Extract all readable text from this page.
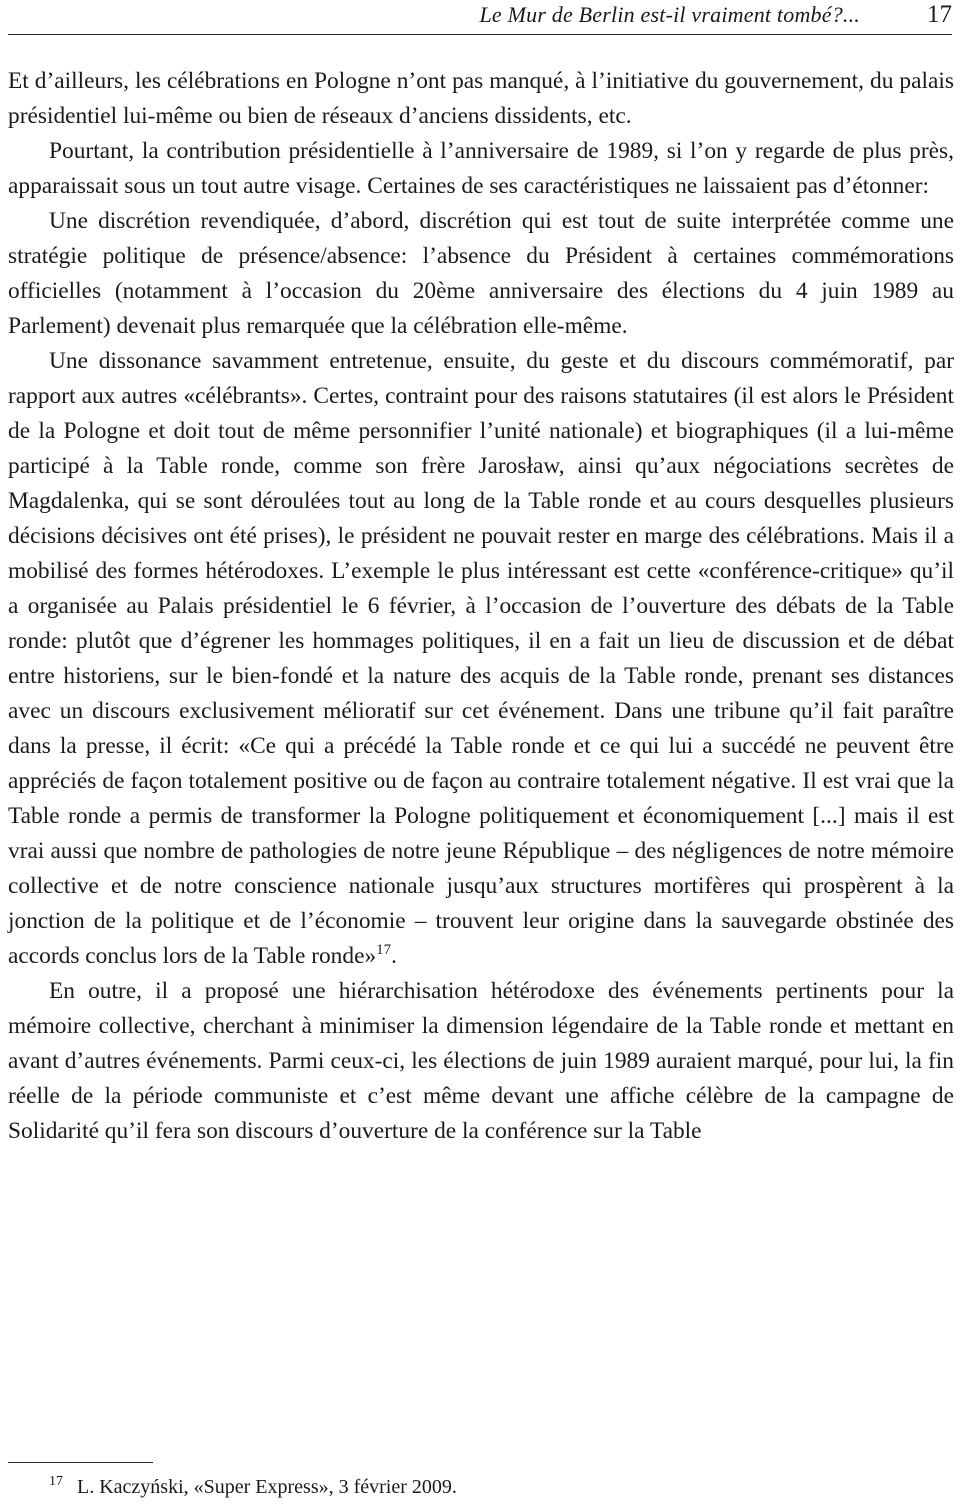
Le Mur de Berlin est-il vraiment tombé?...	17

Et d’ailleurs, les célébrations en Pologne n’ont pas manqué, à l’initiative du gouvernement, du palais présidentiel lui-même ou bien de réseaux d’anciens dissidents, etc.

Pourtant, la contribution présidentielle à l’anniversaire de 1989, si l’on y regarde de plus près, apparaissait sous un tout autre visage. Certaines de ses caractéristiques ne laissaient pas d’étonner:

Une discrétion revendiquée, d’abord, discrétion qui est tout de suite interprétée comme une stratégie politique de présence/absence: l’absence du Président à certaines commémorations officielles (notamment à l’occasion du 20ème anniversaire des élections du 4 juin 1989 au Parlement) devenait plus remarquée que la célébration elle-même.

Une dissonance savamment entretenue, ensuite, du geste et du discours commémoratif, par rapport aux autres «célébrants». Certes, contraint pour des raisons statutaires (il est alors le Président de la Pologne et doit tout de même personnifier l’unité nationale) et biographiques (il a lui-même participé à la Table ronde, comme son frère Jarosław, ainsi qu’aux négociations secrètes de Magdalenka, qui se sont déroulées tout au long de la Table ronde et au cours desquelles plusieurs décisions décisives ont été prises), le président ne pouvait rester en marge des célébrations. Mais il a mobilisé des formes hétérodoxes. L’exemple le plus intéressant est cette «conférence-critique» qu’il a organisée au Palais présidentiel le 6 février, à l’occasion de l’ouverture des débats de la Table ronde: plutôt que d’égrener les hommages politiques, il en a fait un lieu de discussion et de débat entre historiens, sur le bien-fondé et la nature des acquis de la Table ronde, prenant ses distances avec un discours exclusivement mélioratif sur cet événement. Dans une tribune qu’il fait paraître dans la presse, il écrit: «Ce qui a précédé la Table ronde et ce qui lui a succédé ne peuvent être appréciés de façon totalement positive ou de façon au contraire totalement négative. Il est vrai que la Table ronde a permis de transformer la Pologne politiquement et économiquement [...] mais il est vrai aussi que nombre de pathologies de notre jeune République – des négligences de notre mémoire collective et de notre conscience nationale jusqu’aux structures mortifères qui prospèrent à la jonction de la politique et de l’économie – trouvent leur origine dans la sauvegarde obstinée des accords conclus lors de la Table ronde»$^{17}$.

En outre, il a proposé une hiérarchisation hétérodoxe des événements pertinents pour la mémoire collective, cherchant à minimiser la dimension légendaire de la Table ronde et mettant en avant d’autres événements. Parmi ceux-ci, les élections de juin 1989 auraient marqué, pour lui, la fin réelle de la période communiste et c’est même devant une affiche célèbre de la campagne de Solidarité qu’il fera son discours d’ouverture de la conférence sur la Table

$^{17}$ L. Kaczyński, «Super Express», 3 février 2009.
